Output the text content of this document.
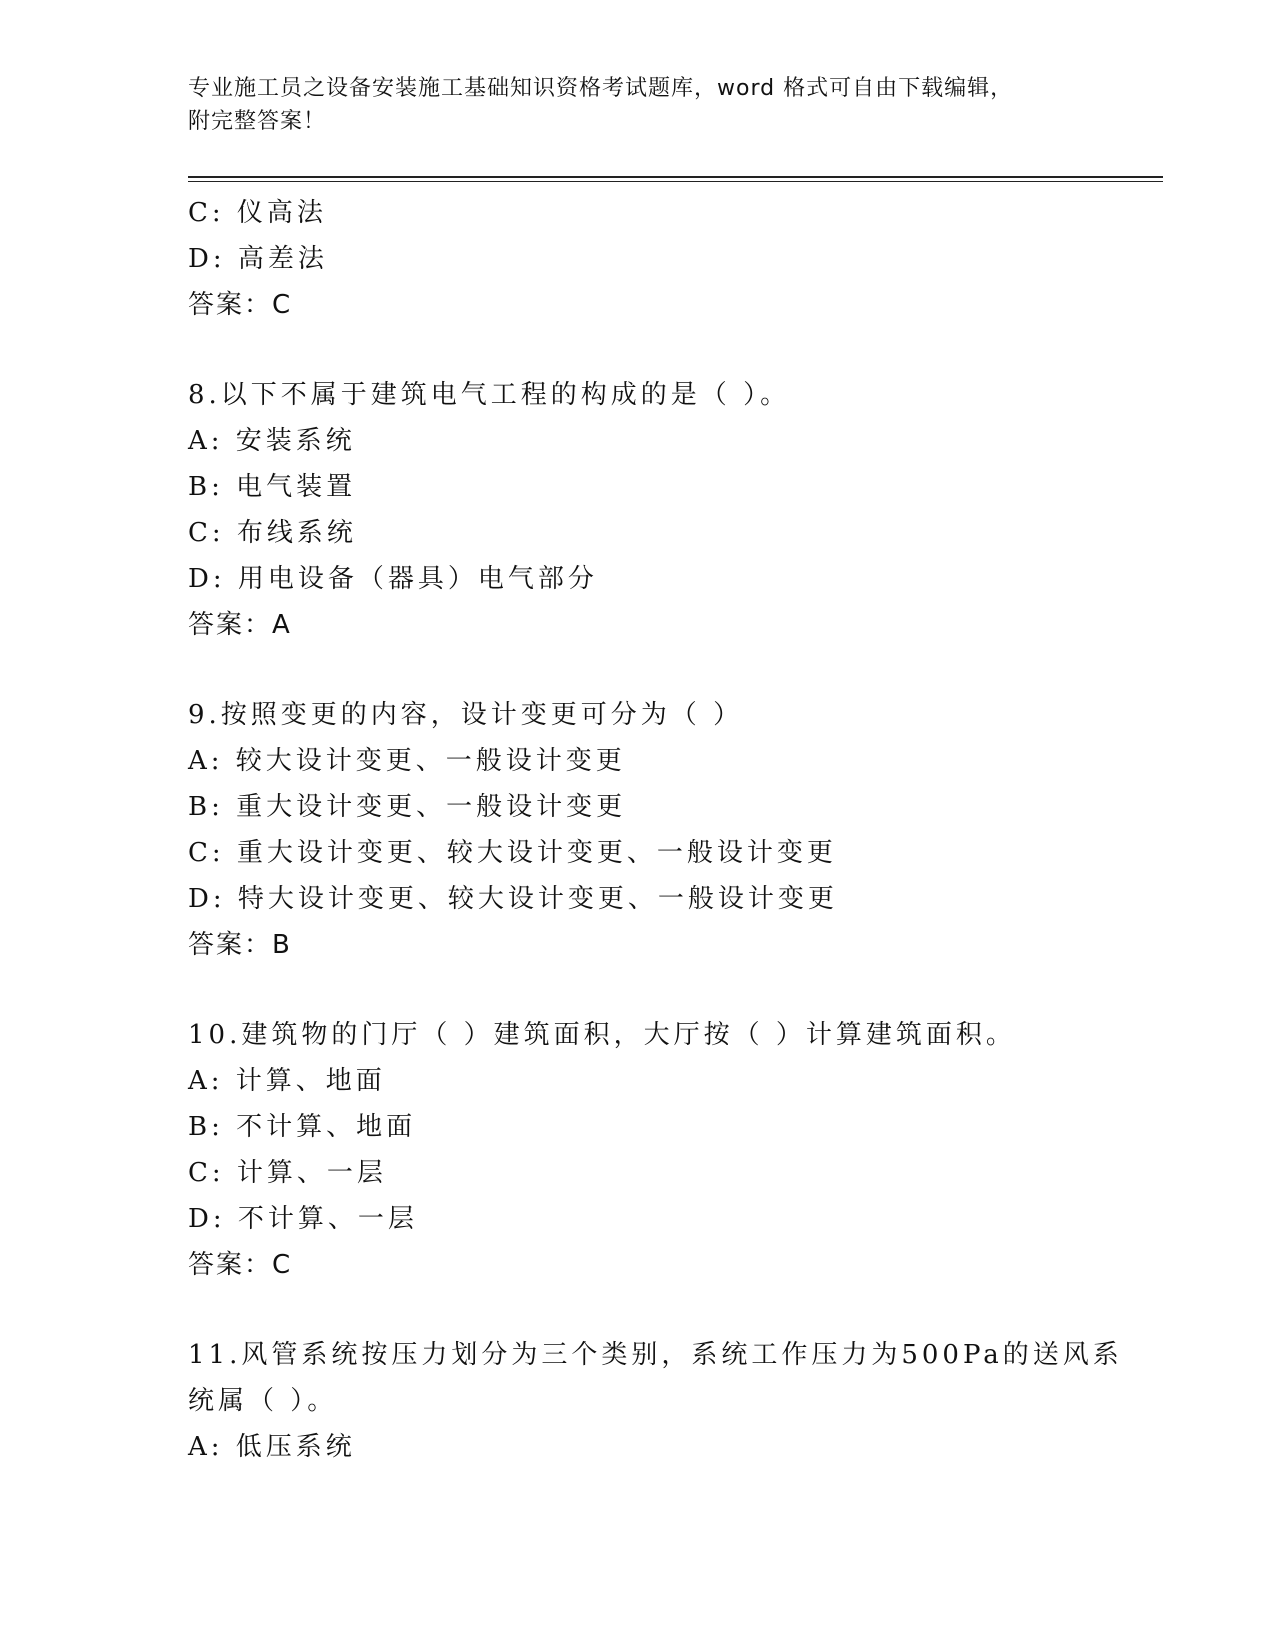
专业施工员之设备安装施工基础知识资格考试题库，word 格式可自由下载编辑，
附完整答案！
C: 仪高法
D: 高差法
答案：C
8.以下不属于建筑电气工程的构成的是（ ）。
A: 安装系统
B: 电气装置
C: 布线系统
D: 用电设备（器具）电气部分
答案：A
9.按照变更的内容，设计变更可分为（ ）
A: 较大设计变更、一般设计变更
B: 重大设计变更、一般设计变更
C: 重大设计变更、较大设计变更、一般设计变更
D: 特大设计变更、较大设计变更、一般设计变更
答案：B
10.建筑物的门厅（ ）建筑面积，大厅按（ ）计算建筑面积。
A: 计算、地面
B: 不计算、地面
C: 计算、一层
D: 不计算、一层
答案：C
11.风管系统按压力划分为三个类别，系统工作压力为500Pa的送风系
统属（ ）。
A: 低压系统
